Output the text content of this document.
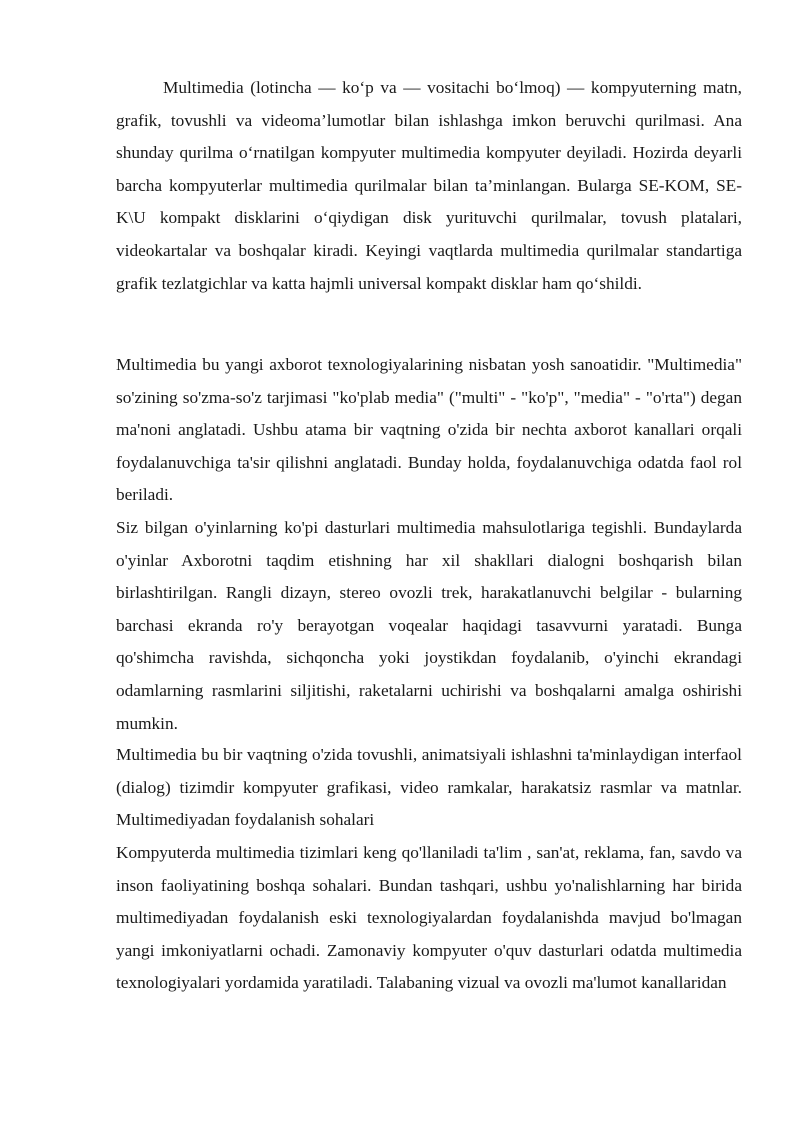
Multimedia (lotincha — ko‘p va — vositachi bo‘lmoq) — kompyuterning matn, grafik, tovushli va videoma’lumotlar bilan ishlashga imkon beruvchi qurilmasi. Ana shunday qurilma o‘rnatilgan kompyuter multimedia kompyuter deyiladi. Hozirda deyarli barcha kompyuterlar multimedia qurilmalar bilan ta’minlangan. Bularga SE-KOM, SE-K\U kompakt disklarini o‘qiydigan disk yurituvchi qurilmalar, tovush platalari, videokartalar va boshqalar kiradi. Keyingi vaqtlarda multimedia qurilmalar standartiga grafik tezlatgichlar va katta hajmli universal kompakt disklar ham qo‘shildi.

Multimedia bu yangi axborot texnologiyalarining nisbatan yosh sanoatidir. "Multimedia" so'zining so'zma-so'z tarjimasi "ko'plab media" ("multi" - "ko'p", "media" - "o'rta") degan ma'noni anglatadi. Ushbu atama bir vaqtning o'zida bir nechta axborot kanallari orqali foydalanuvchiga ta'sir qilishni anglatadi. Bunday holda, foydalanuvchiga odatda faol rol beriladi.

Siz bilgan o'yinlarning ko'pi dasturlari multimedia mahsulotlariga tegishli. Bundaylarda o'yinlar Axborotni taqdim etishning har xil shakllari dialogni boshqarish bilan birlashtirilgan. Rangli dizayn, stereo ovozli trek, harakatlanuvchi belgilar - bularning barchasi ekranda ro'y berayotgan voqealar haqidagi tasavvurni yaratadi. Bunga qo'shimcha ravishda, sichqoncha yoki joystikdan foydalanib, o'yinchi ekrandagi odamlarning rasmlarini siljitishi, raketalarni uchirishi va boshqalarni amalga oshirishi mumkin.

Multimedia bu bir vaqtning o'zida tovushli, animatsiyali ishlashni ta'minlaydigan interfaol (dialog) tizimdir kompyuter grafikasi, video ramkalar, harakatsiz rasmlar va matnlar. Multimediyadan foydalanish sohalari

Kompyuterda multimedia tizimlari keng qo'llaniladi ta'lim , san'at, reklama, fan, savdo va inson faoliyatining boshqa sohalari. Bundan tashqari, ushbu yo'nalishlarning har birida multimediyadan foydalanish eski texnologiyalardan foydalanishda mavjud bo'lmagan yangi imkoniyatlarni ochadi. Zamonaviy kompyuter o'quv dasturlari odatda multimedia texnologiyalari yordamida yaratiladi. Talabaning vizual va ovozli ma'lumot kanallaridan
